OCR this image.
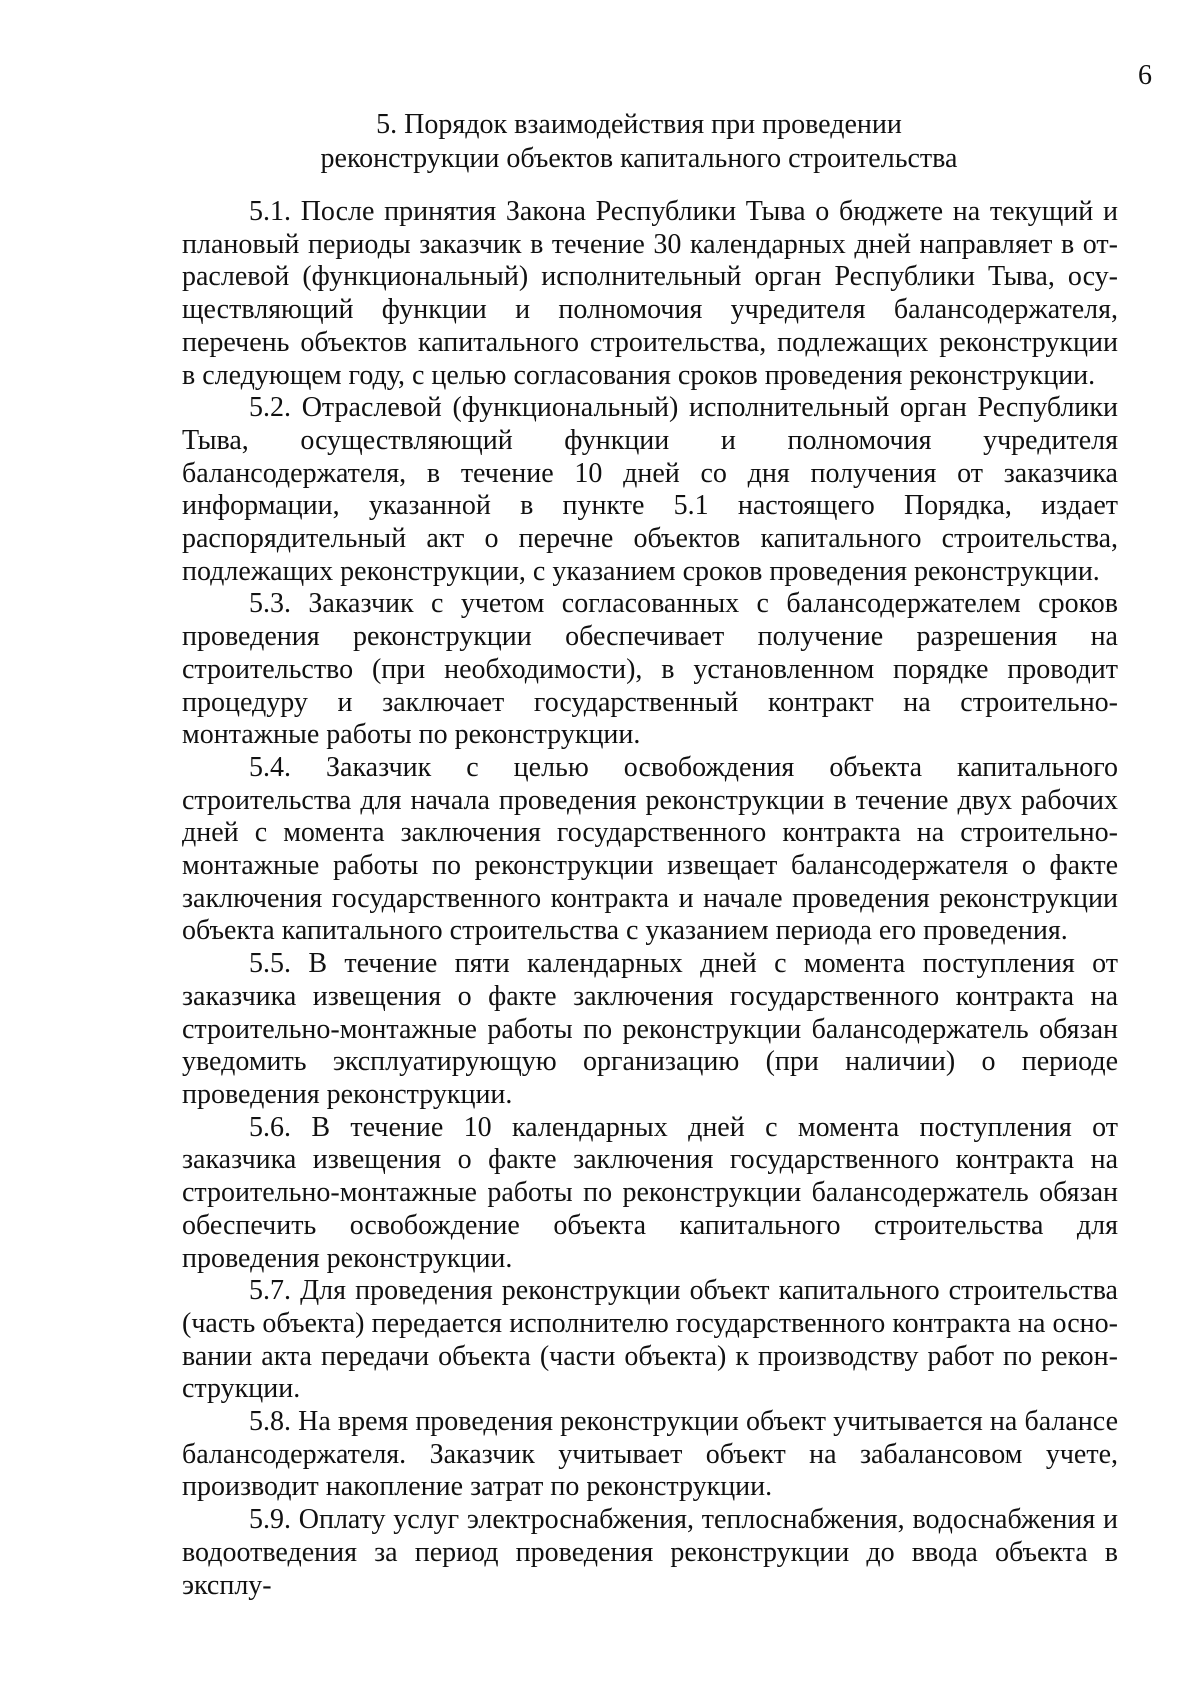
6
5. Порядок взаимодействия при проведении
реконструкции объектов капитального строительства

5.1. После принятия Закона Республики Тыва о бюджете на текущий и плановый периоды заказчик в течение 30 календарных дней направляет в отраслевой (функциональный) исполнительный орган Республики Тыва, осуществляющий функции и полномочия учредителя балансодержателя, перечень объектов капитального строительства, подлежащих реконструкции в следующем году, с целью согласования сроков проведения реконструкции.

5.2. Отраслевой (функциональный) исполнительный орган Республики Тыва, осуществляющий функции и полномочия учредителя балансодержателя, в течение 10 дней со дня получения от заказчика информации, указанной в пункте 5.1 настоящего Порядка, издает распорядительный акт о перечне объектов капитального строительства, подлежащих реконструкции, с указанием сроков проведения реконструкции.

5.3. Заказчик с учетом согласованных с балансодержателем сроков проведения реконструкции обеспечивает получение разрешения на строительство (при необходимости), в установленном порядке проводит процедуру и заключает государственный контракт на строительно-монтажные работы по реконструкции.

5.4. Заказчик с целью освобождения объекта капитального строительства для начала проведения реконструкции в течение двух рабочих дней с момента заключения государственного контракта на строительно-монтажные работы по реконструкции извещает балансодержателя о факте заключения государственного контракта и начале проведения реконструкции объекта капитального строительства с указанием периода его проведения.

5.5. В течение пяти календарных дней с момента поступления от заказчика извещения о факте заключения государственного контракта на строительно-монтажные работы по реконструкции балансодержатель обязан уведомить эксплуатирующую организацию (при наличии) о периоде проведения реконструкции.

5.6. В течение 10 календарных дней с момента поступления от заказчика извещения о факте заключения государственного контракта на строительно-монтажные работы по реконструкции балансодержатель обязан обеспечить освобождение объекта капитального строительства для проведения реконструкции.

5.7. Для проведения реконструкции объект капитального строительства (часть объекта) передается исполнителю государственного контракта на основании акта передачи объекта (части объекта) к производству работ по реконструкции.

5.8. На время проведения реконструкции объект учитывается на балансе балансодержателя. Заказчик учитывает объект на забалансовом учете, производит накопление затрат по реконструкции.

5.9. Оплату услуг электроснабжения, теплоснабжения, водоснабжения и водоотведения за период проведения реконструкции до ввода объекта в эксплу-
